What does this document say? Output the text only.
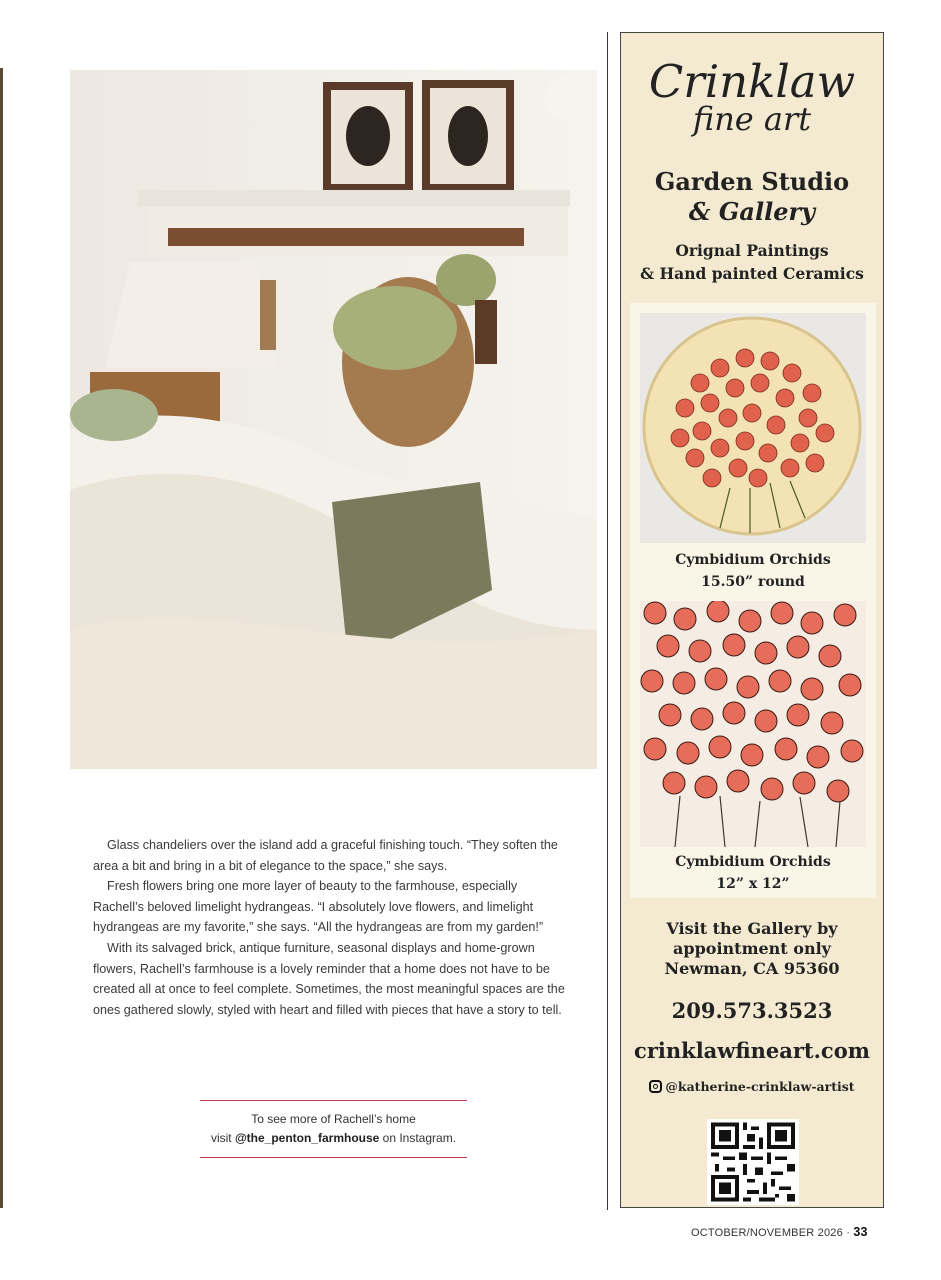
Glass chandeliers over the island add a graceful finishing touch. “They soften the area a bit and bring in a bit of elegance to the space,” she says.

Fresh flowers bring one more layer of beauty to the farmhouse, especially Rachell’s beloved limelight hydrangeas. “I absolutely love flowers, and limelight hydrangeas are my favorite,” she says. “All the hydrangeas are from my garden!”

With its salvaged brick, antique furniture, seasonal displays and home-grown flowers, Rachell’s farmhouse is a lovely reminder that a home does not have to be created all at once to feel complete. Sometimes, the most meaningful spaces are the ones gathered slowly, styled with heart and filled with pieces that have a story to tell.

To see more of Rachell’s home
visit @the_penton_farmhouse on Instagram.
Crinklaw
fine art
Garden Studio
& Gallery
Orignal Paintings
& Hand painted Ceramics
Cymbidium Orchids
15.50” round
Cymbidium Orchids
12” x 12”
Visit the Gallery by appointment only Newman, CA 95360
209.573.3523
crinklawfineart.com
@katherine-crinklaw-artist
OCTOBER/NOVEMBER 2026 · 33
